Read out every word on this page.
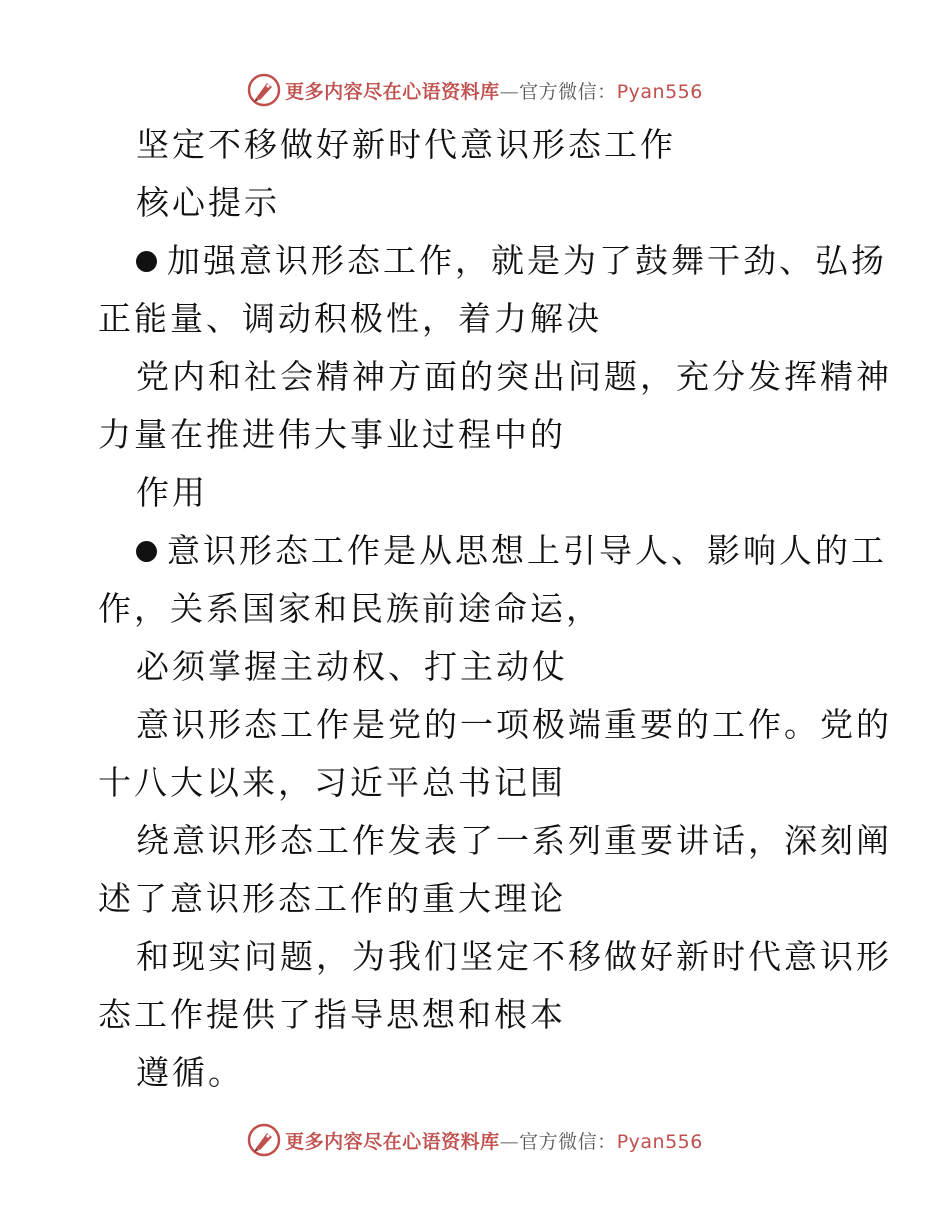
更多内容尽在心语资料库—官方微信：Pyan556
坚定不移做好新时代意识形态工作
核心提示
加强意识形态工作，就是为了鼓舞干劲、弘扬
正能量、调动积极性，着力解决
党内和社会精神方面的突出问题，充分发挥精神
力量在推进伟大事业过程中的
作用
意识形态工作是从思想上引导人、影响人的工
作，关系国家和民族前途命运，
必须掌握主动权、打主动仗
意识形态工作是党的一项极端重要的工作。党的
十八大以来，习近平总书记围
绕意识形态工作发表了一系列重要讲话，深刻阐
述了意识形态工作的重大理论
和现实问题，为我们坚定不移做好新时代意识形
态工作提供了指导思想和根本
遵循。
更多内容尽在心语资料库—官方微信：Pyan556
